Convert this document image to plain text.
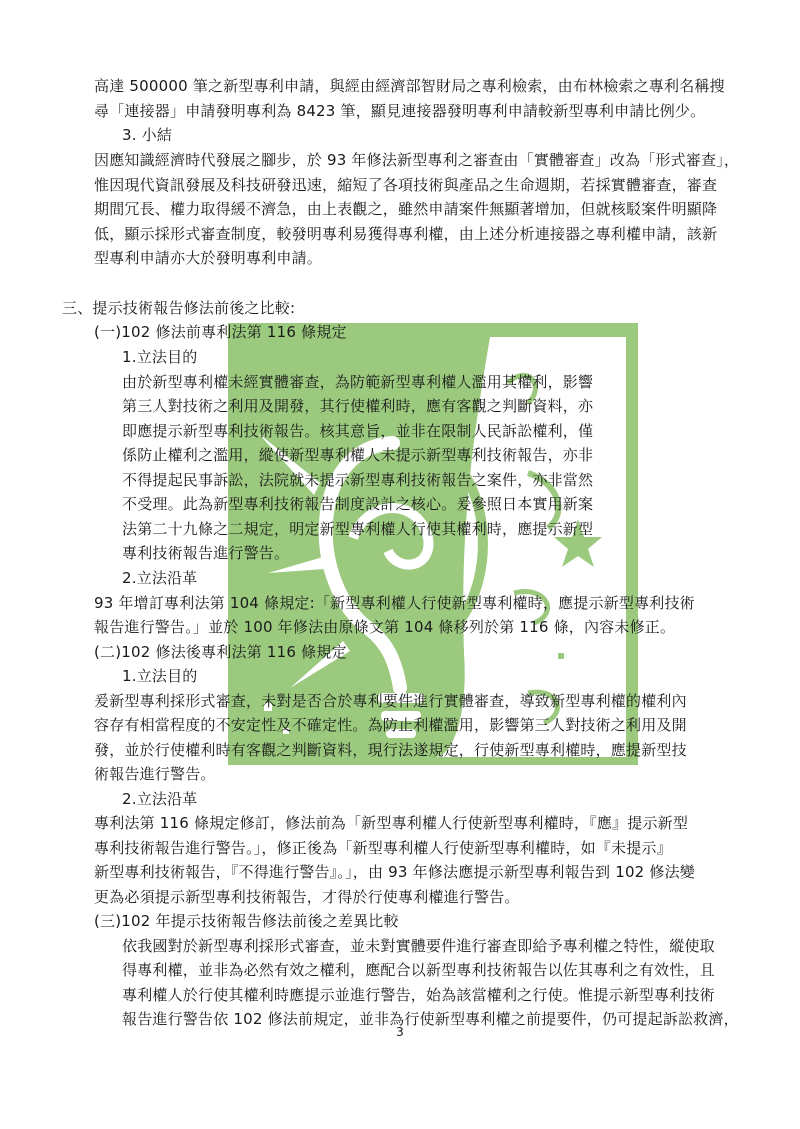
高達 500000 筆之新型專利申請，與經由經濟部智財局之專利檢索，由布林檢索之專利名稱搜
尋「連接器」申請發明專利為 8423 筆，顯見連接器發明專利申請較新型專利申請比例少。
3. 小結
因應知識經濟時代發展之腳步，於 93 年修法新型專利之審查由「實體審查」改為「形式審查」，
惟因現代資訊發展及科技研發迅速，縮短了各項技術與產品之生命週期，若採實體審查，審查
期間冗長、權力取得緩不濟急，由上表觀之，雖然申請案件無顯著增加，但就核駁案件明顯降
低，顯示採形式審查制度，較發明專利易獲得專利權，由上述分析連接器之專利權申請，該新
型專利申請亦大於發明專利申請。
三、提示技術報告修法前後之比較:
(一)102 修法前專利法第 116 條規定
1.立法目的
由於新型專利權未經實體審查，為防範新型專利權人濫用其權利，影響
第三人對技術之利用及開發，其行使權利時，應有客觀之判斷資料，亦
即應提示新型專利技術報告。核其意旨，並非在限制人民訴訟權利，僅
係防止權利之濫用，縱使新型專利權人未提示新型專利技術報告，亦非
不得提起民事訴訟，法院就未提示新型專利技術報告之案件，亦非當然
不受理。此為新型專利技術報告制度設計之核心。爰參照日本實用新案
法第二十九條之二規定，明定新型專利權人行使其權利時，應提示新型
專利技術報告進行警告。
2.立法沿革
93 年增訂專利法第 104 條規定:「新型專利權人行使新型專利權時，應提示新型專利技術
報告進行警告。」並於 100 年修法由原條文第 104 條移列於第 116 條，內容未修正。
(二)102 修法後專利法第 116 條規定
1.立法目的
爰新型專利採形式審查，未對是否合於專利要件進行實體審查，導致新型專利權的權利內
容存有相當程度的不安定性及不確定性。為防止利權濫用，影響第三人對技術之利用及開
發，並於行使權利時有客觀之判斷資料，現行法遂規定，行使新型專利權時，應提新型技
術報告進行警告。
2.立法沿革
專利法第 116 條規定修訂，修法前為「新型專利權人行使新型專利權時，『應』提示新型
專利技術報告進行警告。」，修正後為「新型專利權人行使新型專利權時，如『未提示』
新型專利技術報告，『不得進行警告』。」，由 93 年修法應提示新型專利報告到 102 修法變
更為必須提示新型專利技術報告，才得於行使專利權進行警告。
(三)102 年提示技術報告修法前後之差異比較
依我國對於新型專利採形式審查，並未對實體要件進行審查即給予專利權之特性，縱使取
得專利權，並非為必然有效之權利，應配合以新型專利技術報告以佐其專利之有效性，且
專利權人於行使其權利時應提示並進行警告，始為該當權利之行使。惟提示新型專利技術
報告進行警告依 102 修法前規定，並非為行使新型專利權之前提要件，仍可提起訴訟救濟，
3
